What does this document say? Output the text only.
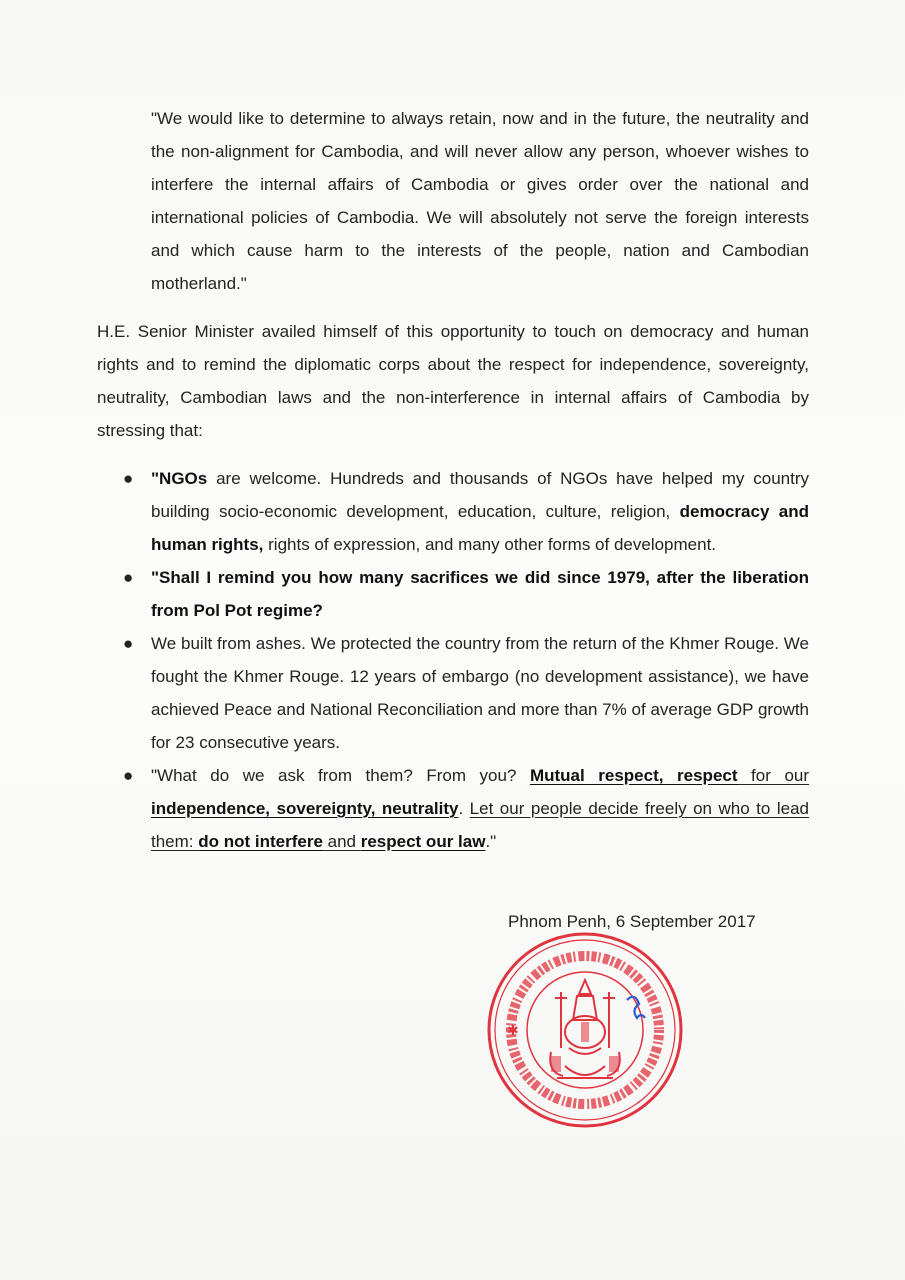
"We would like to determine to always retain, now and in the future, the neutrality and the non-alignment for Cambodia, and will never allow any person, whoever wishes to interfere the internal affairs of Cambodia or gives order over the national and international policies of Cambodia. We will absolutely not serve the foreign interests and which cause harm to the interests of the people, nation and Cambodian motherland."
H.E. Senior Minister availed himself of this opportunity to touch on democracy and human rights and to remind the diplomatic corps about the respect for independence, sovereignty, neutrality, Cambodian laws and the non-interference in internal affairs of Cambodia by stressing that:
● "NGOs are welcome. Hundreds and thousands of NGOs have helped my country building socio-economic development, education, culture, religion, democracy and human rights, rights of expression, and many other forms of development.
● "Shall I remind you how many sacrifices we did since 1979, after the liberation from Pol Pot regime?
● We built from ashes. We protected the country from the return of the Khmer Rouge. We fought the Khmer Rouge. 12 years of embargo (no development assistance), we have achieved Peace and National Reconciliation and more than 7% of average GDP growth for 23 consecutive years.
● "What do we ask from them? From you? Mutual respect, respect for our independence, sovereignty, neutrality. Let our people decide freely on who to lead them: do not interfere and respect our law."
Phnom Penh, 6 September 2017
✱
